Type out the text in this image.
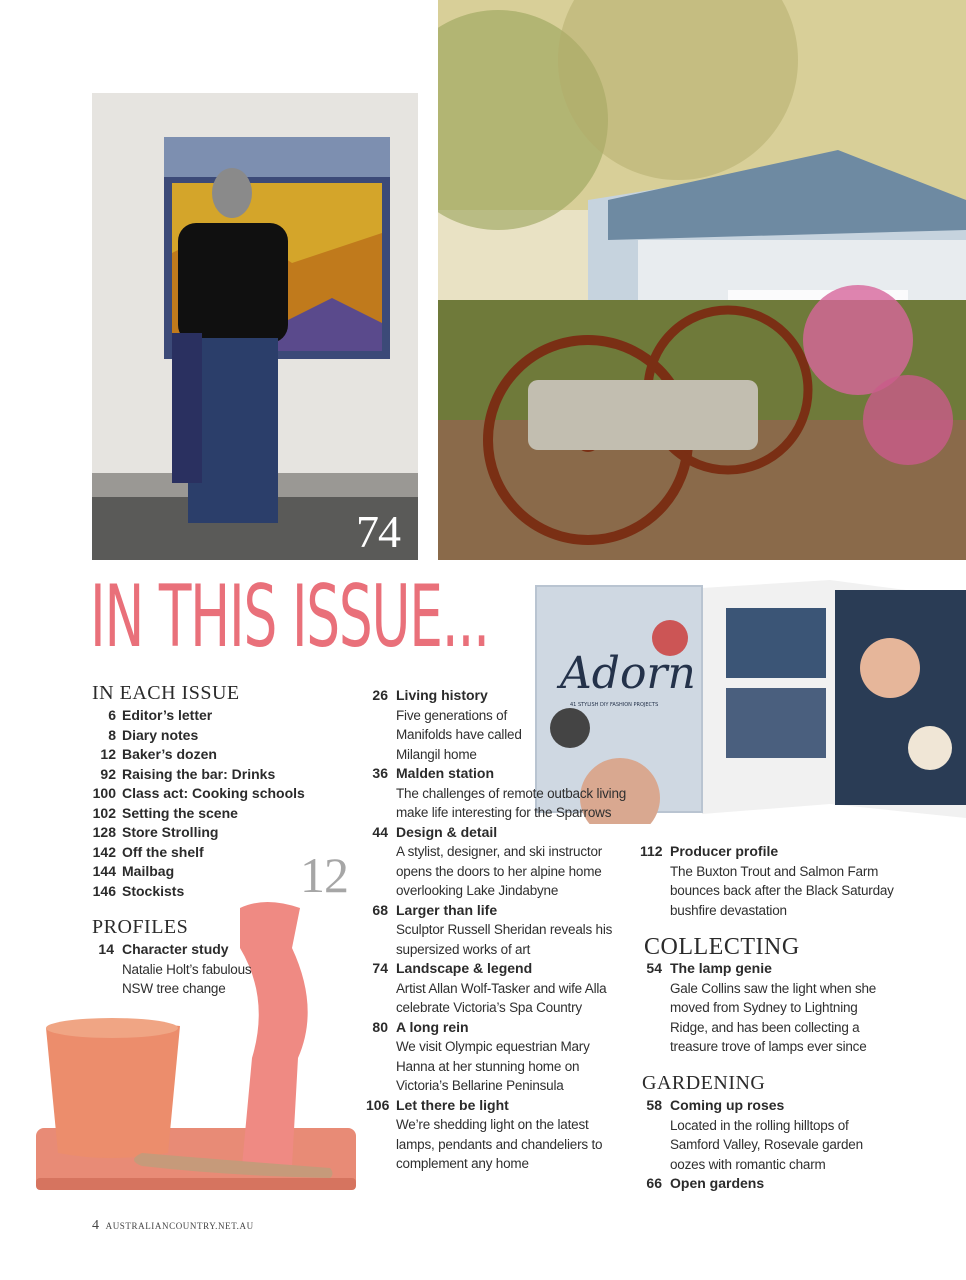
74
IN THIS ISSUE...
Adorn
41 STYLISH DIY FASHION PROJECTS
12
IN EACH ISSUE
6 Editor’s letter
8 Diary notes
12 Baker’s dozen
92 Raising the bar: Drinks
100 Class act: Cooking schools
102 Setting the scene
128 Store Strolling
142 Off the shelf
144 Mailbag
146 Stockists
PROFILES
14 Character study
Natalie Holt’s fabulous NSW tree change
26 Living history
Five generations of Manifolds have called Milangil home
36 Malden station
The challenges of remote outback living make life interesting for the Sparrows
44 Design & detail
A stylist, designer, and ski instructor opens the doors to her alpine home overlooking Lake Jindabyne
68 Larger than life
Sculptor Russell Sheridan reveals his supersized works of art
74 Landscape & legend
Artist Allan Wolf-Tasker and wife Alla celebrate Victoria’s Spa Country
80 A long rein
We visit Olympic equestrian Mary Hanna at her stunning home on Victoria’s Bellarine Peninsula
106 Let there be light
We’re shedding light on the latest lamps, pendants and chandeliers to complement any home
112 Producer profile
The Buxton Trout and Salmon Farm bounces back after the Black Saturday bushfire devastation
COLLECTING
54 The lamp genie
Gale Collins saw the light when she moved from Sydney to Lightning Ridge, and has been collecting a treasure trove of lamps ever since
GARDENING
58 Coming up roses
Located in the rolling hilltops of Samford Valley, Rosevale garden oozes with romantic charm
66 Open gardens
4 AUSTRALIANCOUNTRY.NET.AU
